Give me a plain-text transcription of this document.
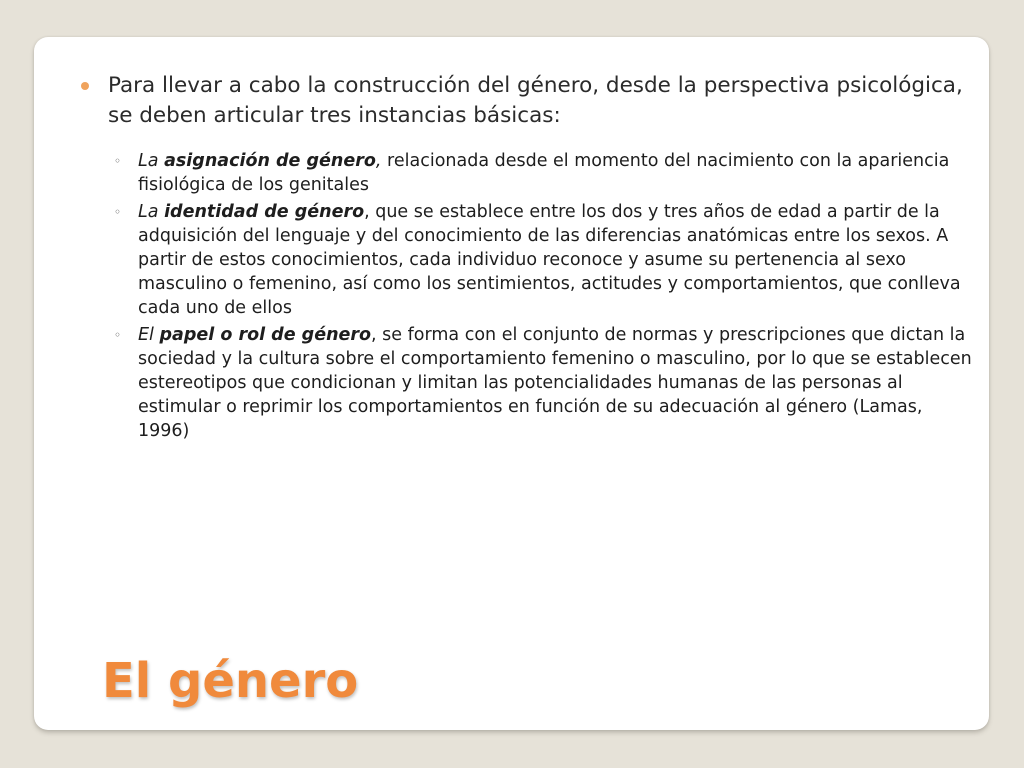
Para llevar a cabo la construcción del género, desde la perspectiva psicológica, se deben articular tres instancias básicas:
◦ La asignación de género, relacionada desde el momento del nacimiento con la apariencia fisiológica de los genitales
◦ La identidad de género, que se establece entre los dos y tres años de edad a partir de la adquisición del lenguaje y del conocimiento de las diferencias anatómicas entre los sexos. A partir de estos conocimientos, cada individuo reconoce y asume su pertenencia al sexo masculino o femenino, así como los sentimientos, actitudes y comportamientos, que conlleva cada uno de ellos
◦ El papel o rol de género, se forma con el conjunto de normas y prescripciones que dictan la sociedad y la cultura sobre el comportamiento femenino o masculino, por lo que se establecen estereotipos que condicionan y limitan las potencialidades humanas de las personas al estimular o reprimir los comportamientos en función de su adecuación al género (Lamas, 1996)
El género
